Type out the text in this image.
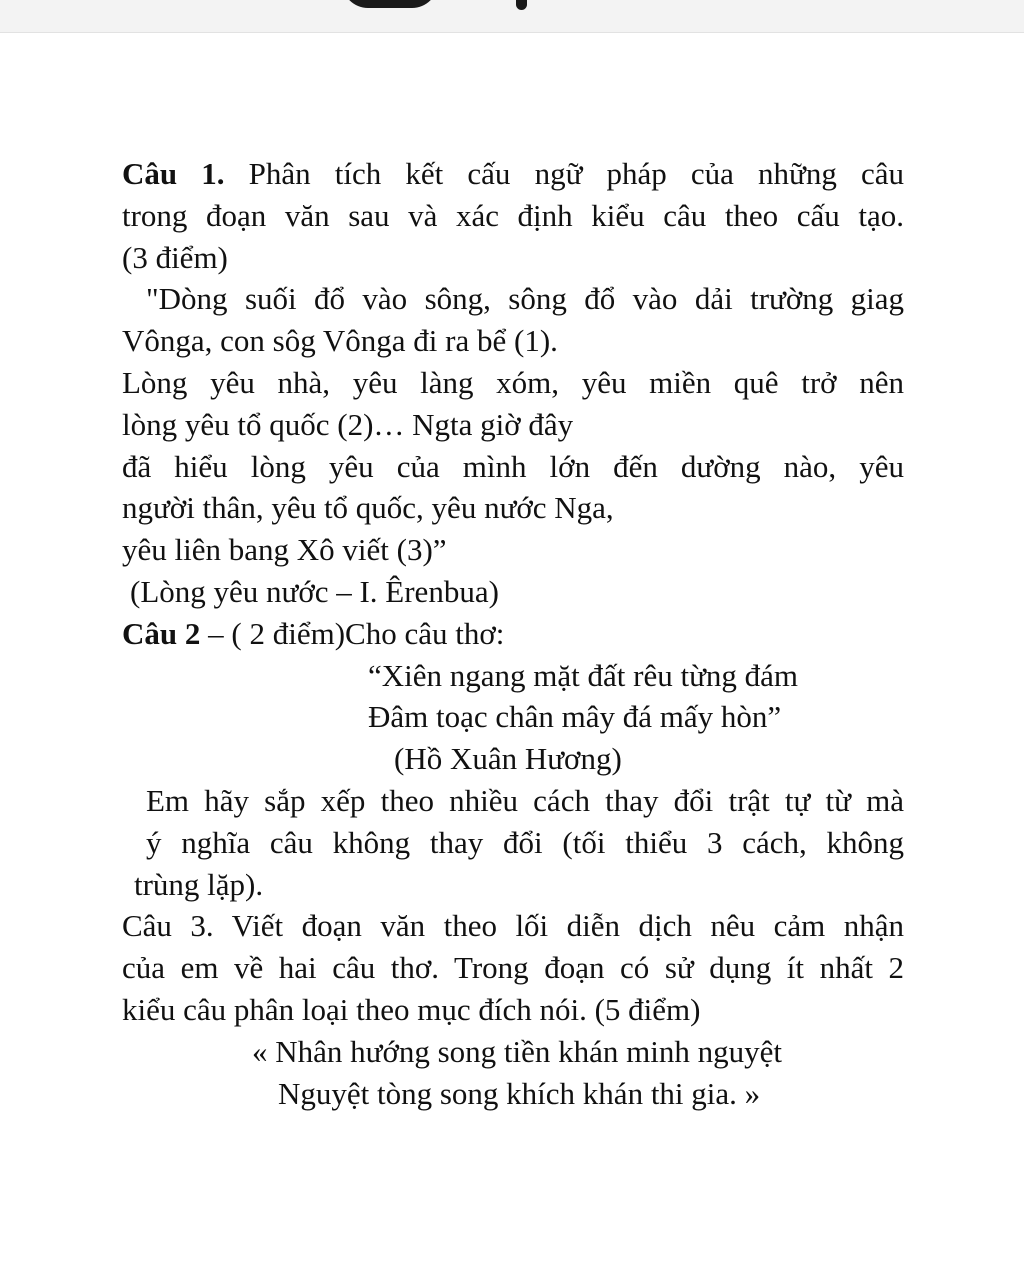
Câu 1. Phân tích kết cấu ngữ pháp của những câu
trong đoạn văn sau và xác định kiểu câu theo cấu tạo.
(3 điểm)
"Dòng suối đổ vào sông, sông đổ vào dải trường giag
Vônga, con sôg Vônga đi ra bể (1).
Lòng yêu nhà, yêu làng xóm, yêu miền quê trở nên
lòng yêu tổ quốc (2)… Ngta giờ đây
đã hiểu lòng yêu của mình lớn đến dường nào, yêu
người thân, yêu tổ quốc, yêu nước Nga,
yêu liên bang Xô viết (3)”
(Lòng yêu nước – I. Êrenbua)
Câu 2 – ( 2 điểm)Cho câu thơ:
“Xiên ngang mặt đất rêu từng đám
Đâm toạc chân mây đá mấy hòn”
(Hồ Xuân Hương)
Em hãy sắp xếp theo nhiều cách thay đổi trật tự từ mà
ý nghĩa câu không thay đổi (tối thiểu 3 cách, không
trùng lặp).
Câu 3. Viết đoạn văn theo lối diễn dịch nêu cảm nhận
của em về hai câu thơ. Trong đoạn có sử dụng ít nhất 2
kiểu câu phân loại theo mục đích nói. (5 điểm)
« Nhân hướng song tiền khán minh nguyệt
Nguyệt tòng song khích khán thi gia. »
